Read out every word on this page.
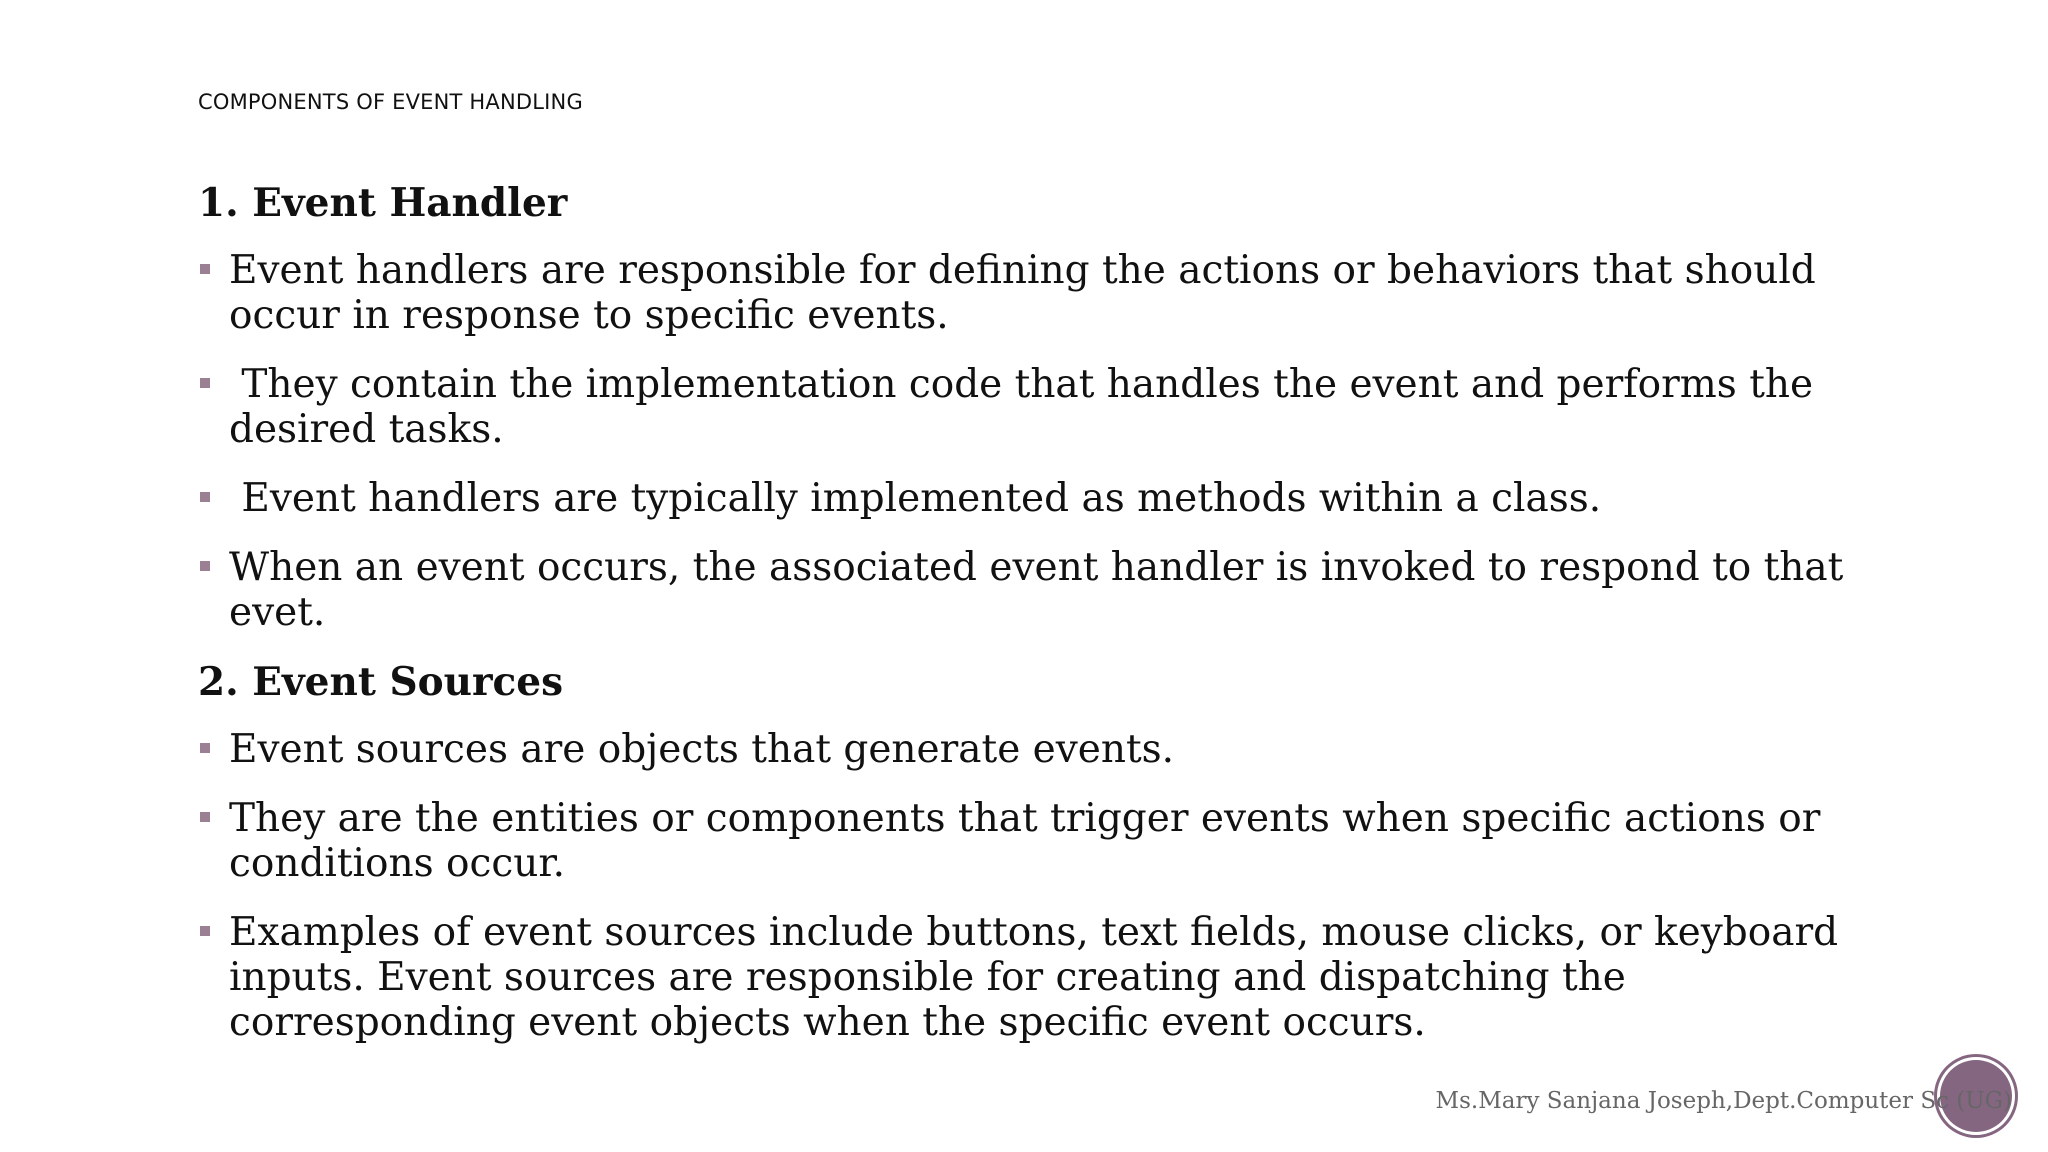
COMPONENTS OF EVENT HANDLING
1. Event Handler
Event handlers are responsible for defining the actions or behaviors that should occur in response to specific events.
They contain the implementation code that handles the event and performs the desired tasks.
Event handlers are typically implemented as methods within a class.
When an event occurs, the associated event handler is invoked to respond to that evet.
2. Event Sources
Event sources are objects that generate events.
They are the entities or components that trigger events when specific actions or conditions occur.
Examples of event sources include buttons, text fields, mouse clicks, or keyboard inputs. Event sources are responsible for creating and dispatching the corresponding event objects when the specific event occurs.
Ms.Mary Sanjana Joseph,Dept.Computer Sc (UG)
